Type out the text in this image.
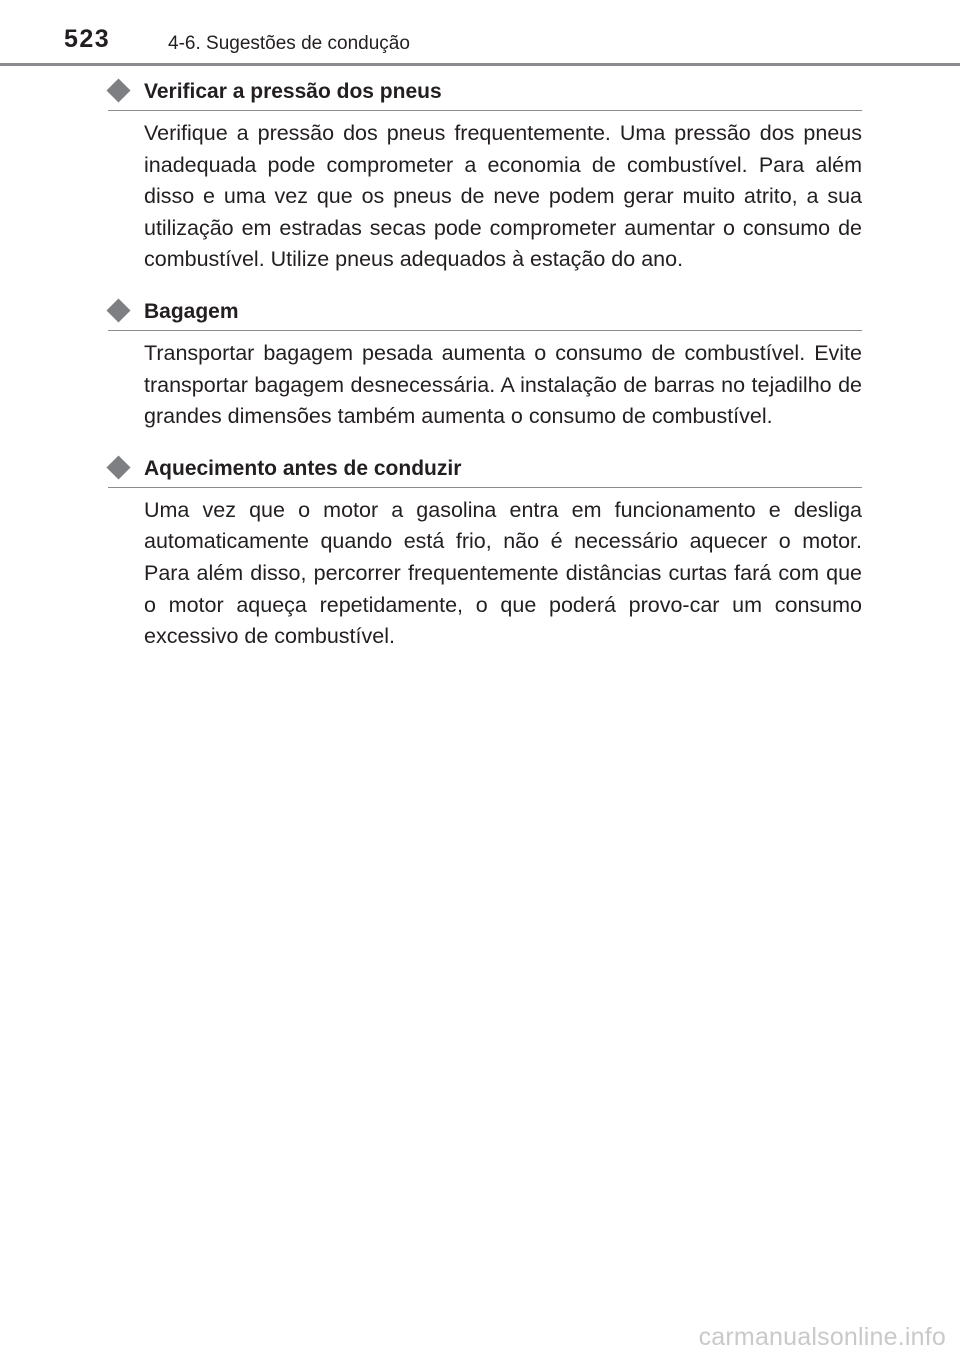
523	4-6. Sugestões de condução
Verificar a pressão dos pneus

Verifique a pressão dos pneus frequentemente. Uma pressão dos pneus inadequada pode comprometer a economia de combustível. Para além disso e uma vez que os pneus de neve podem gerar muito atrito, a sua utilização em estradas secas pode comprometer aumentar o consumo de combustível. Utilize pneus adequados à estação do ano.

Bagagem

Transportar bagagem pesada aumenta o consumo de combustível. Evite transportar bagagem desnecessária. A instalação de barras no tejadilho de grandes dimensões também aumenta o consumo de combustível.

Aquecimento antes de conduzir

Uma vez que o motor a gasolina entra em funcionamento e desliga automaticamente quando está frio, não é necessário aquecer o motor. Para além disso, percorrer frequentemente distâncias curtas fará com que o motor aqueça repetidamente, o que poderá provo-car um consumo excessivo de combustível.

carmanualsonline.info
